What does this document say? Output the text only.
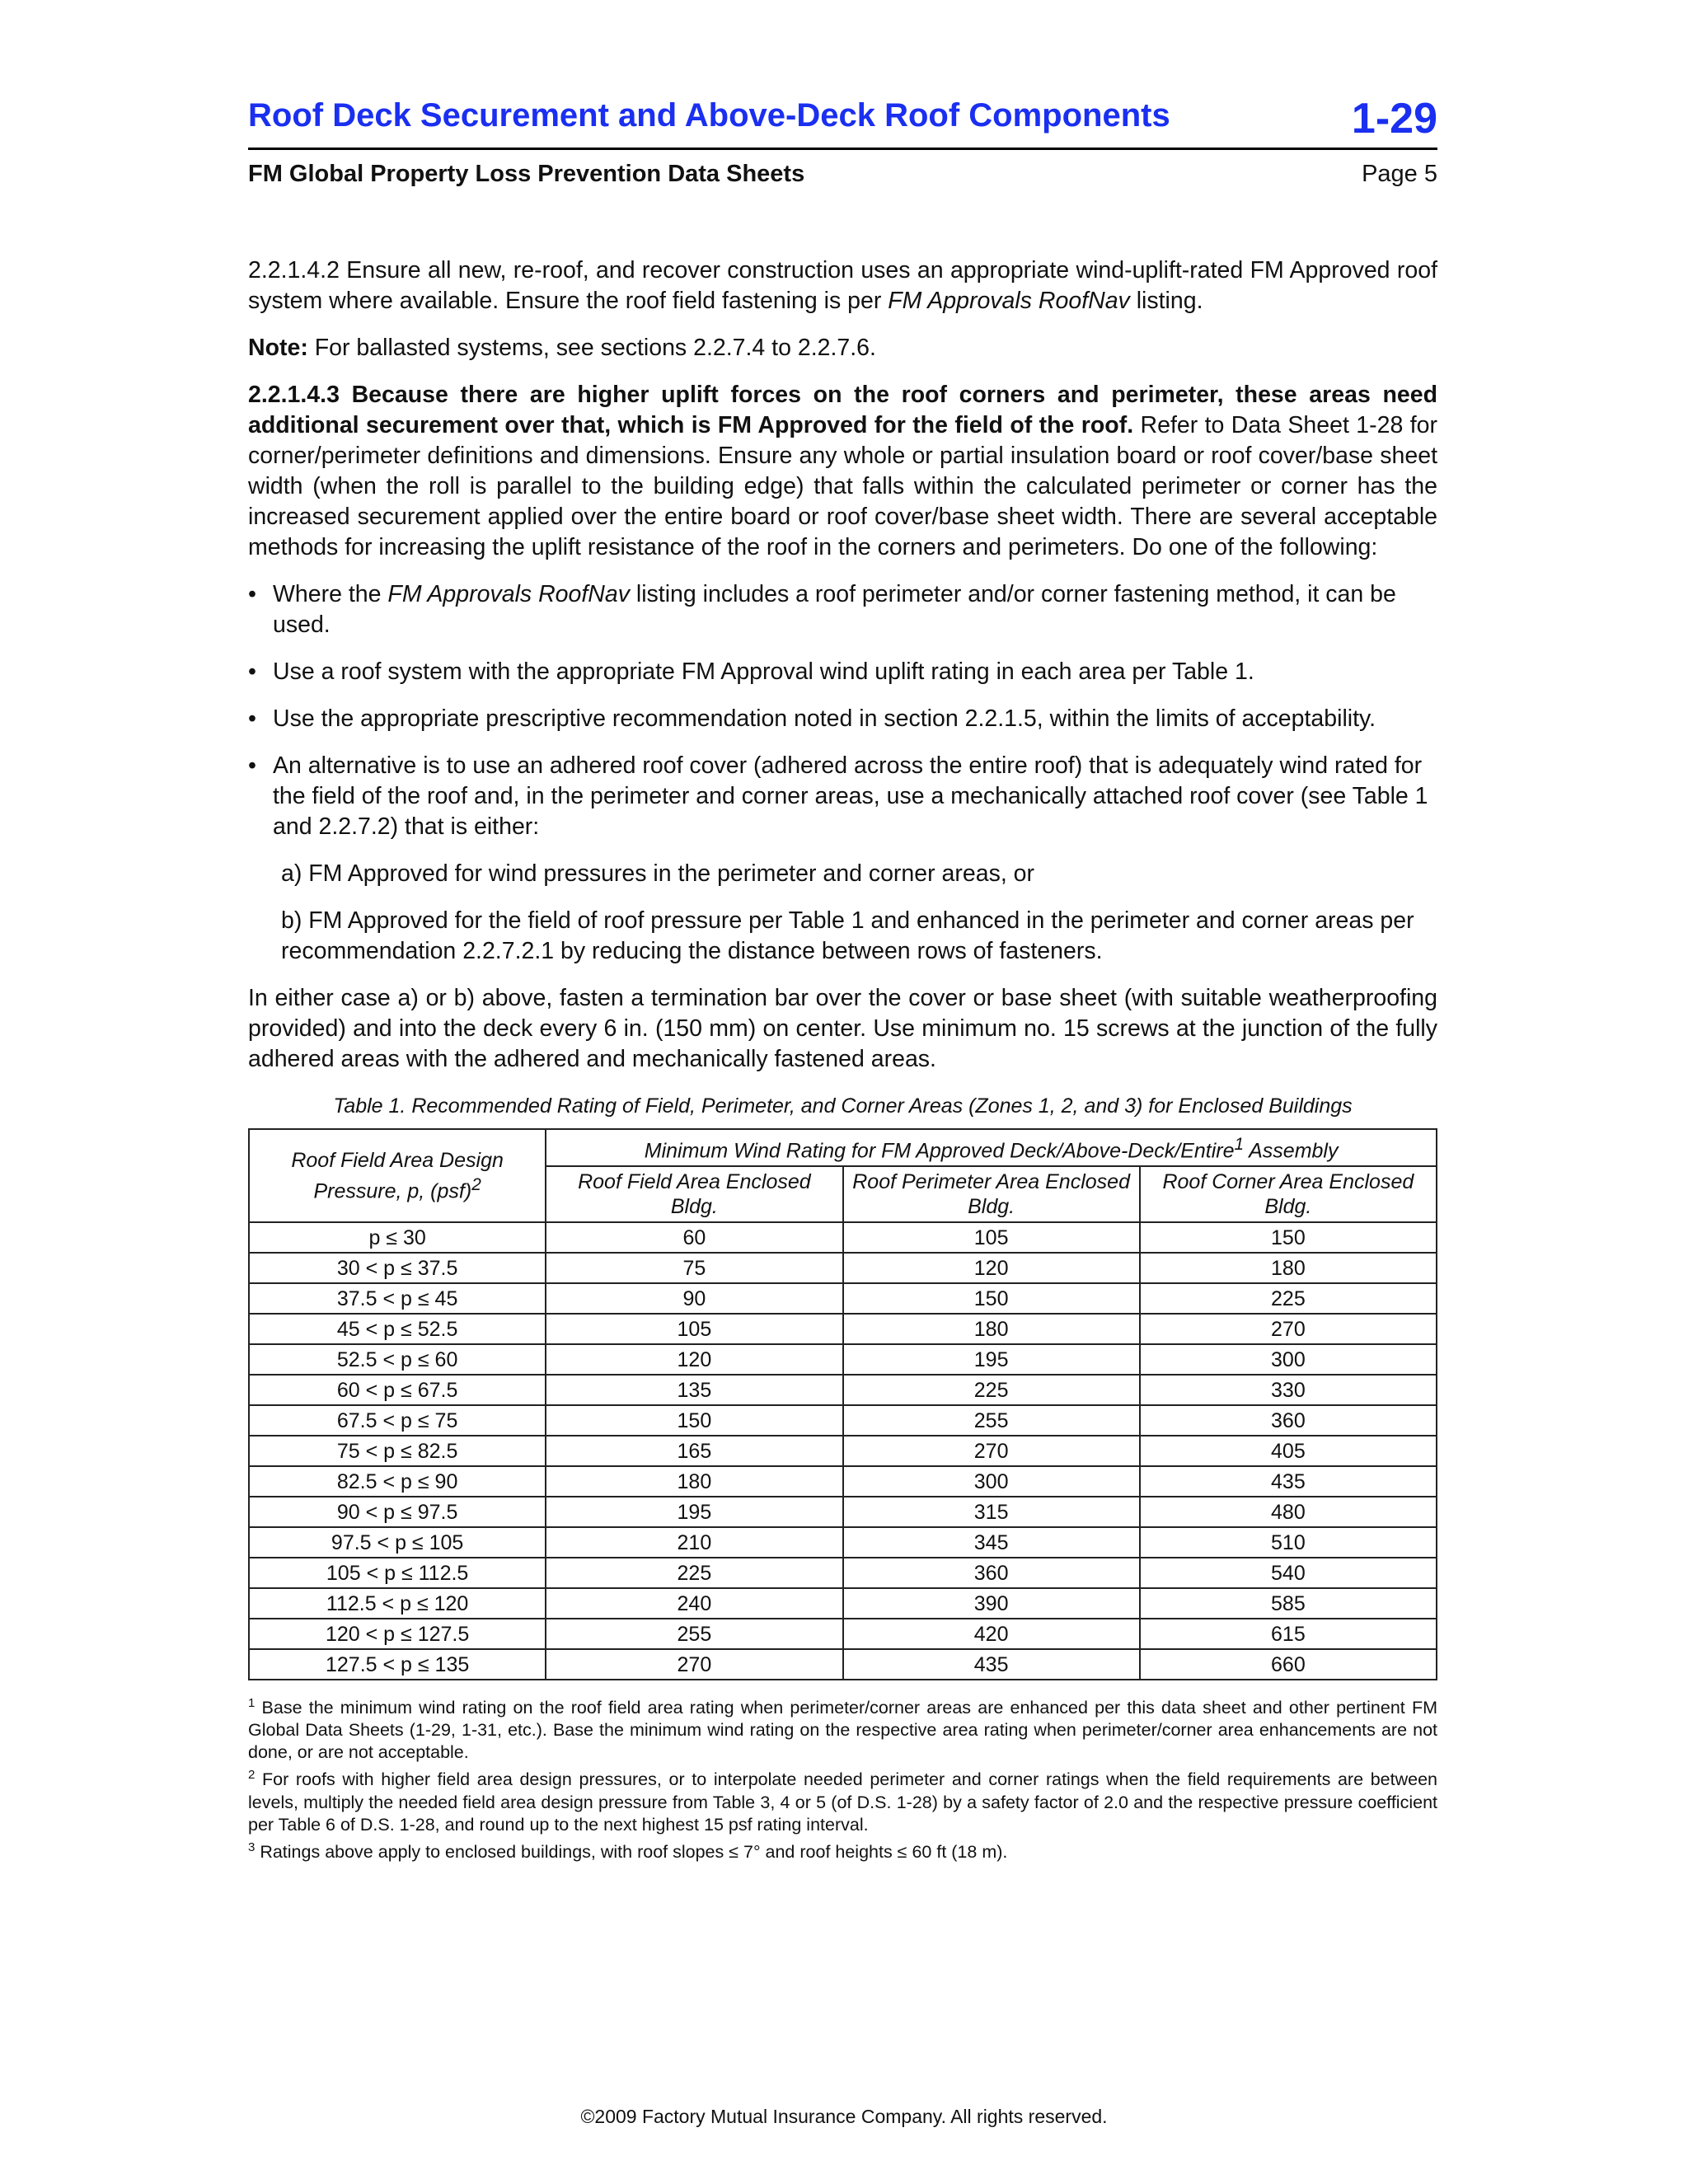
Roof Deck Securement and Above-Deck Roof Components	1-29
FM Global Property Loss Prevention Data Sheets	Page 5

2.2.1.4.2 Ensure all new, re-roof, and recover construction uses an appropriate wind-uplift-rated FM Approved roof system where available. Ensure the roof field fastening is per FM Approvals RoofNav listing.

Note: For ballasted systems, see sections 2.2.7.4 to 2.2.7.6.

2.2.1.4.3 Because there are higher uplift forces on the roof corners and perimeter, these areas need additional securement over that, which is FM Approved for the field of the roof. Refer to Data Sheet 1-28 for corner/perimeter definitions and dimensions. Ensure any whole or partial insulation board or roof cover/base sheet width (when the roll is parallel to the building edge) that falls within the calculated perimeter or corner has the increased securement applied over the entire board or roof cover/base sheet width. There are several acceptable methods for increasing the uplift resistance of the roof in the corners and perimeters. Do one of the following:

• Where the FM Approvals RoofNav listing includes a roof perimeter and/or corner fastening method, it can be used.
• Use a roof system with the appropriate FM Approval wind uplift rating in each area per Table 1.
• Use the appropriate prescriptive recommendation noted in section 2.2.1.5, within the limits of acceptability.
• An alternative is to use an adhered roof cover (adhered across the entire roof) that is adequately wind rated for the field of the roof and, in the perimeter and corner areas, use a mechanically attached roof cover (see Table 1 and 2.2.7.2) that is either:

a) FM Approved for wind pressures in the perimeter and corner areas, or

b) FM Approved for the field of roof pressure per Table 1 and enhanced in the perimeter and corner areas per recommendation 2.2.7.2.1 by reducing the distance between rows of fasteners.

In either case a) or b) above, fasten a termination bar over the cover or base sheet (with suitable weatherproofing provided) and into the deck every 6 in. (150 mm) on center. Use minimum no. 15 screws at the junction of the fully adhered areas with the adhered and mechanically fastened areas.

Table 1. Recommended Rating of Field, Perimeter, and Corner Areas (Zones 1, 2, and 3) for Enclosed Buildings
Roof Field Area Design Pressure, p, (psf)$^2$	Minimum Wind Rating for FM Approved Deck/Above-Deck/Entire$^1$ Assembly		
	Roof Field Area Enclosed Bldg.	Roof Perimeter Area Enclosed Bldg.	Roof Corner Area Enclosed Bldg.
p ≤ 30	60	105	150
30 < p ≤ 37.5	75	120	180
37.5 < p ≤ 45	90	150	225
45 < p ≤ 52.5	105	180	270
52.5 < p ≤ 60	120	195	300
60 < p ≤ 67.5	135	225	330
67.5 < p ≤ 75	150	255	360
75 < p ≤ 82.5	165	270	405
82.5 < p ≤ 90	180	300	435
90 < p ≤ 97.5	195	315	480
97.5 < p ≤ 105	210	345	510
105 < p ≤ 112.5	225	360	540
112.5 < p ≤ 120	240	390	585
120 < p ≤ 127.5	255	420	615
127.5 < p ≤ 135	270	435	660

$^1$ Base the minimum wind rating on the roof field area rating when perimeter/corner areas are enhanced per this data sheet and other pertinent FM Global Data Sheets (1-29, 1-31, etc.). Base the minimum wind rating on the respective area rating when perimeter/corner area enhancements are not done, or are not acceptable.

$^2$ For roofs with higher field area design pressures, or to interpolate needed perimeter and corner ratings when the field requirements are between levels, multiply the needed field area design pressure from Table 3, 4 or 5 (of D.S. 1-28) by a safety factor of 2.0 and the respective pressure coefficient per Table 6 of D.S. 1-28, and round up to the next highest 15 psf rating interval.

$^3$ Ratings above apply to enclosed buildings, with roof slopes ≤ 7° and roof heights ≤ 60 ft (18 m).

©2009 Factory Mutual Insurance Company. All rights reserved.
